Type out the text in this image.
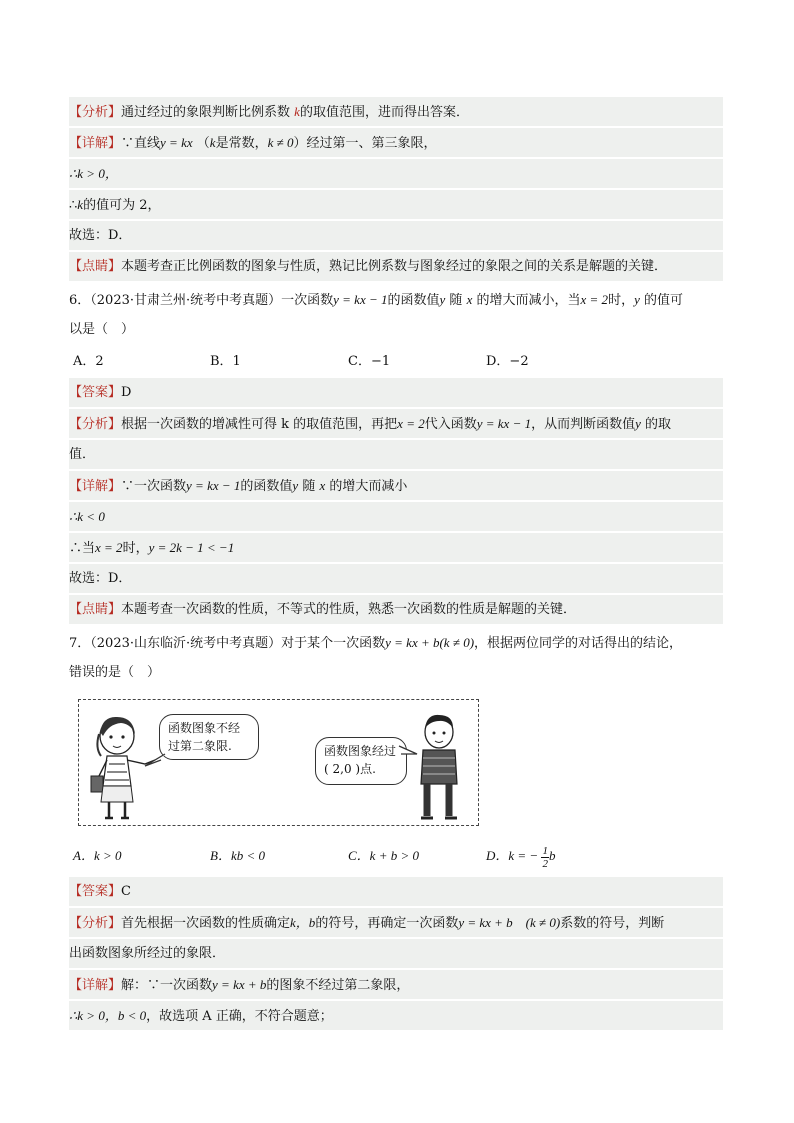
【分析】通过经过的象限判断比例系数 k的取值范围，进而得出答案．
【详解】∵直线y = kx （k是常数，k ≠ 0）经过第一、第三象限，
∴k > 0，
∴k的值可为 2，
故选：D．
【点睛】本题考查正比例函数的图象与性质，熟记比例系数与图象经过的象限之间的关系是解题的关键．
6．（2023·甘肃兰州·统考中考真题）一次函数y = kx − 1的函数值y 随 x 的增大而减小，当x = 2时，y 的值可
以是（　）
A．2	B．1	C．−1	D．−2
【答案】D
【分析】根据一次函数的增减性可得 k 的取值范围，再把x = 2代入函数y = kx − 1，从而判断函数值y 的取
值．
【详解】∵一次函数y = kx − 1的函数值y 随 x 的增大而减小
∴k < 0
∴当x = 2时，y = 2k − 1 < −1
故选：D．
【点睛】本题考查一次函数的性质，不等式的性质，熟悉一次函数的性质是解题的关键．
7．（2023·山东临沂·统考中考真题）对于某个一次函数y = kx + b(k ≠ 0)，根据两位同学的对话得出的结论，
错误的是（　）
函数图象不经过第二象限.	函数图象经过( 2,0 )点.
A．k > 0	B．kb < 0	C．k + b > 0	D．k = − $\frac{1}{2}$ b
【答案】C
【分析】首先根据一次函数的性质确定k，b的符号，再确定一次函数y = kx + b　(k ≠ 0)系数的符号，判断
出函数图象所经过的象限．
【详解】解：∵一次函数y = kx + b的图象不经过第二象限，
∴k > 0，b < 0，故选项 A 正确，不符合题意；
